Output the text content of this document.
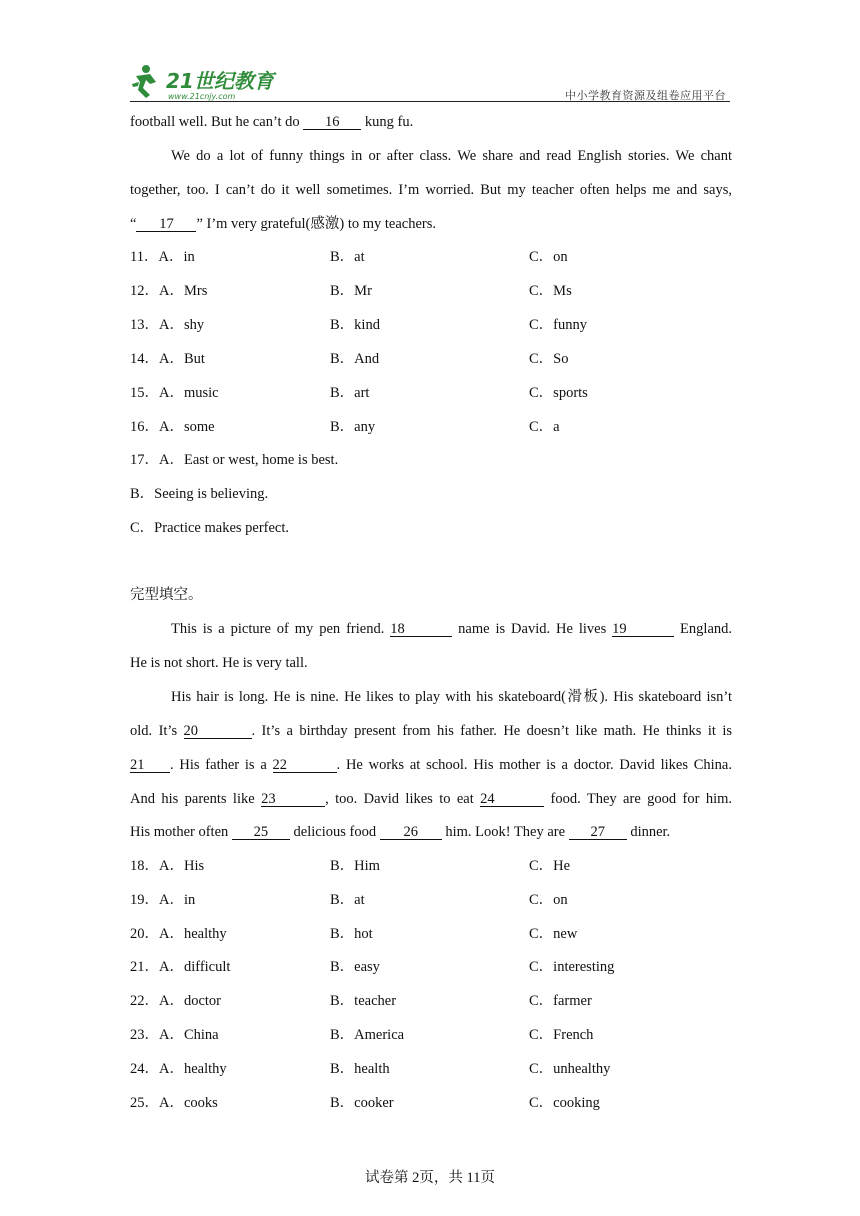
21世纪教育
www.21cnjy.com	中小学教育资源及组卷应用平台
football well. But he can’t do 16 kung fu.
We do a lot of funny things in or after class. We share and read English stories. We chant
together, too. I can’t do it well sometimes. I’m worried. But my teacher often helps me and says,
“ 17 ” I’m very grateful(感激) to my teachers.
11．A．in	B．at	C．on
12．A．Mrs	B．Mr	C．Ms
13．A．shy	B．kind	C．funny
14．A．But	B．And	C．So
15．A．music	B．art	C．sports
16．A．some	B．any	C．a
17．A．East or west, home is best.
B．Seeing is believing.
C．Practice makes perfect.
完型填空。
This is a picture of my pen friend. 18	name is David. He lives 19	England.
He is not short. He is very tall.
His hair is long. He is nine. He likes to play with his skateboard(滑板). His skateboard isn’t
old. It’s 20	. It’s a birthday present from his father. He doesn’t like math. He thinks it is
21 . His father is a 22	. He works at school. His mother is a doctor. David likes China.
And his parents like 23	, too. David likes to eat 24	food. They are good for him.
His mother often 25 delicious food 26 him. Look! They are 27 dinner.
18．A．His	B．Him	C．He
19．A．in	B．at	C．on
20．A．healthy	B．hot	C．new
21．A．difficult	B．easy	C．interesting
22．A．doctor	B．teacher	C．farmer
23．A．China	B．America	C．French
24．A．healthy	B．health	C．unhealthy
25．A．cooks	B．cooker	C．cooking
试卷第 2页，共 11页
